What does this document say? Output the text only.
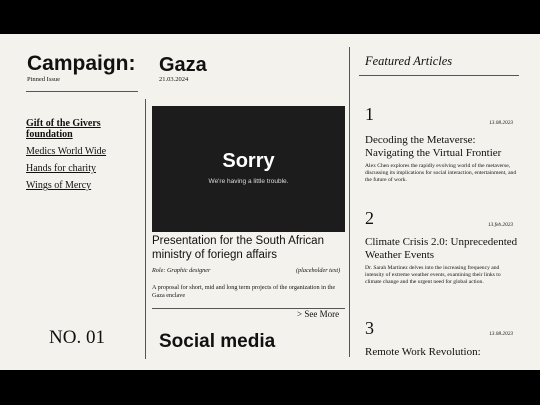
Campaign:
Pinned Issue
Gaza
21.03.2024
Gift of the Givers foundation
Medics World Wide
Hands for charity
Wings of Mercy
NO. 01
Sorry
We're having a little trouble.
Presentation for the South African ministry of foriegn affairs
Role: Graphic designer	(placeholder text)
A proposal for short, mid and long term projects of the organization in the Gaza enclave
> See More
Social media
Featured Articles
1	13.08.2023
Decoding the Metaverse: Navigating the Virtual Frontier
Alex Chen explores the rapidly evolving world of the metaverse, discussing its implications for social interaction, entertainment, and the future of work.
2	13.feb.2023
Climate Crisis 2.0: Unprecedented Weather Events
Dr. Sarah Martinez delves into the increasing frequency and intensity of extreme weather events, examining their links to climate change and the urgent need for global action.
3	13.08.2023
Remote Work Revolution:
